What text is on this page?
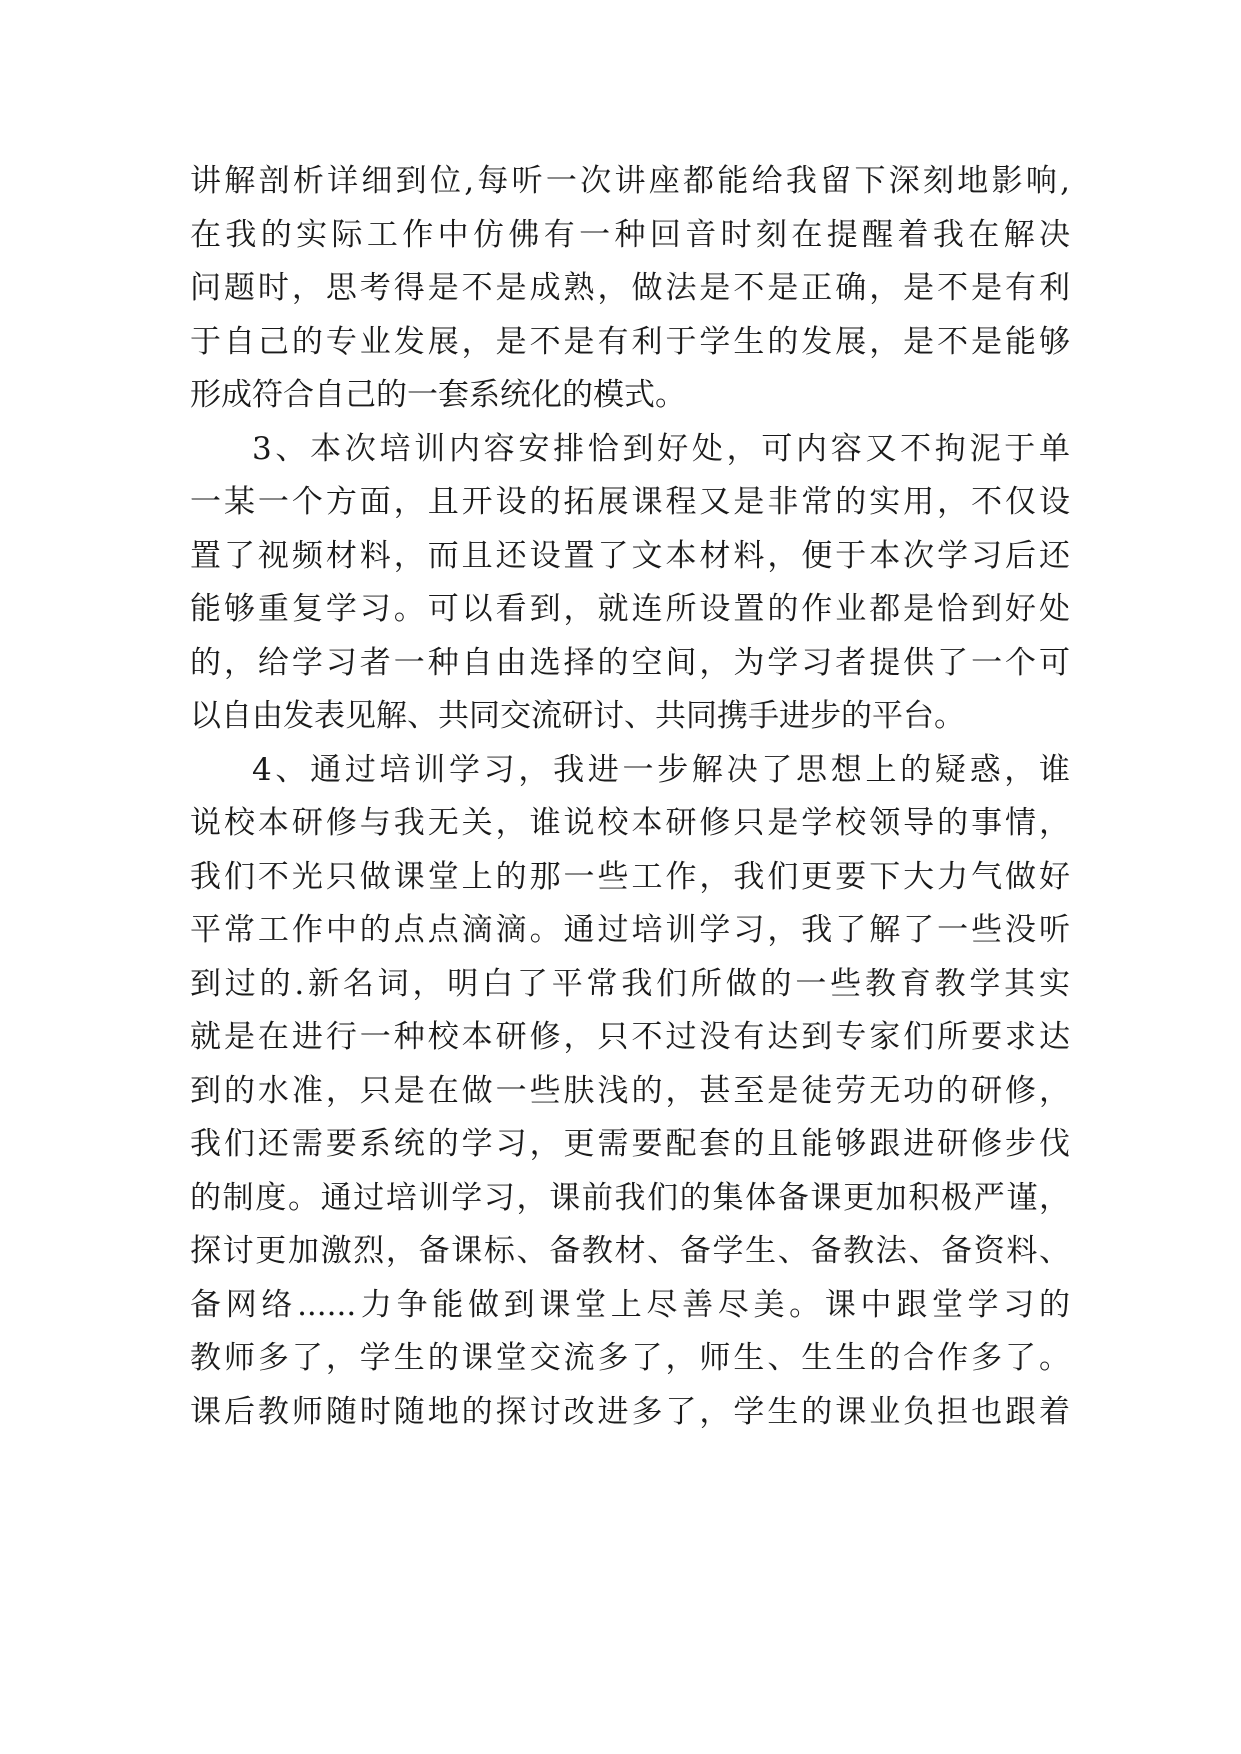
讲解剖析详细到位,每听一次讲座都能给我留下深刻地影响,
在我的实际工作中仿佛有一种回音时刻在提醒着我在解决
问题时，思考得是不是成熟，做法是不是正确，是不是有利
于自己的专业发展，是不是有利于学生的发展，是不是能够
形成符合自己的一套系统化的模式。
3、本次培训内容安排恰到好处，可内容又不拘泥于单
一某一个方面，且开设的拓展课程又是非常的实用，不仅设
置了视频材料，而且还设置了文本材料，便于本次学习后还
能够重复学习。可以看到，就连所设置的作业都是恰到好处
的，给学习者一种自由选择的空间，为学习者提供了一个可
以自由发表见解、共同交流研讨、共同携手进步的平台。
4、通过培训学习，我进一步解决了思想上的疑惑，谁
说校本研修与我无关，谁说校本研修只是学校领导的事情，
我们不光只做课堂上的那一些工作，我们更要下大力气做好
平常工作中的点点滴滴。通过培训学习，我了解了一些没听
到过的.新名词，明白了平常我们所做的一些教育教学其实
就是在进行一种校本研修，只不过没有达到专家们所要求达
到的水准，只是在做一些肤浅的，甚至是徒劳无功的研修，
我们还需要系统的学习，更需要配套的且能够跟进研修步伐
的制度。通过培训学习，课前我们的集体备课更加积极严谨，
探讨更加激烈，备课标、备教材、备学生、备教法、备资料、
备网络......力争能做到课堂上尽善尽美。课中跟堂学习的
教师多了，学生的课堂交流多了，师生、生生的合作多了。
课后教师随时随地的探讨改进多了，学生的课业负担也跟着
